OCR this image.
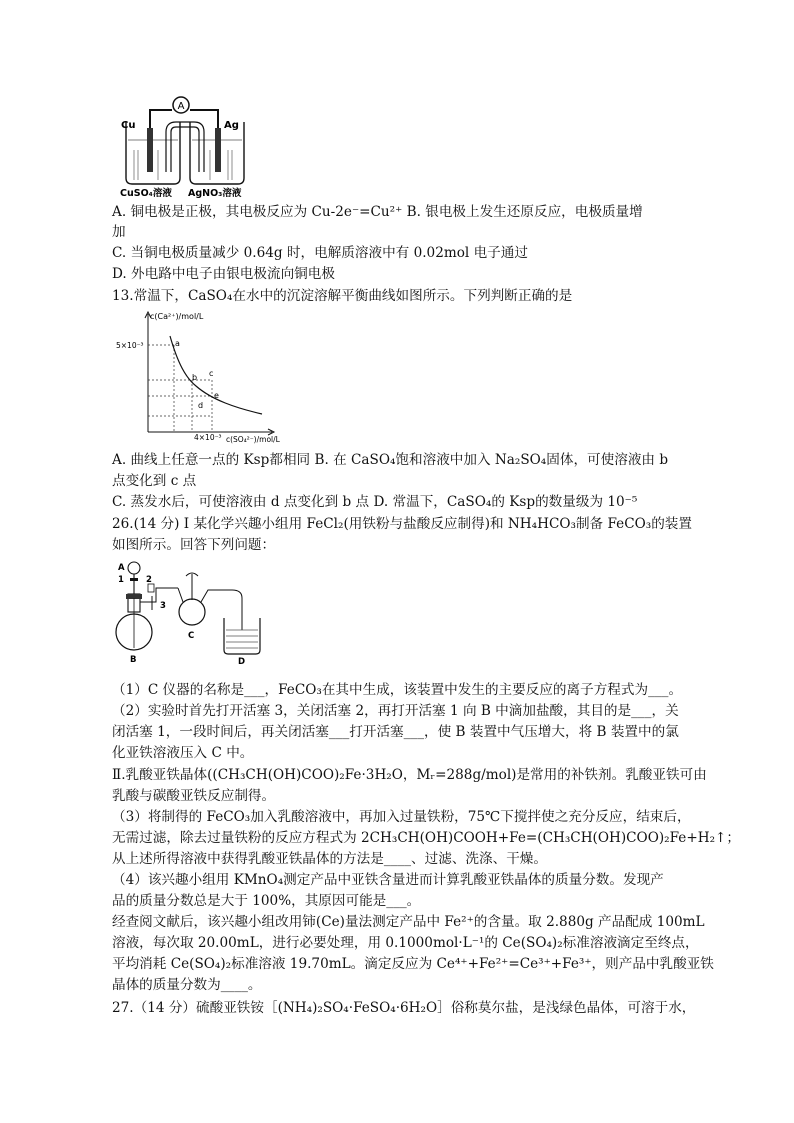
A
Cu	Ag
CuSO₄溶液 AgNO₃溶液
A. 铜电极是正极，其电极反应为 Cu-2e⁻=Cu²⁺ B. 银电极上发生还原反应，电极质量增
加
C. 当铜电极质量减少 0.64g 时，电解质溶液中有 0.02mol 电子通过
D. 外电路中电子由银电极流向铜电极
13.常温下，CaSO₄在水中的沉淀溶解平衡曲线如图所示。下列判断正确的是
c(Ca²⁺)/mol/L
c(SO₄²⁻)/mol/L
5×10⁻³
4×10⁻³
a
b c
d
e
A. 曲线上任意一点的 Ksp都相同 B. 在 CaSO₄饱和溶液中加入 Na₂SO₄固体，可使溶液由 b
点变化到 c 点
C. 蒸发水后，可使溶液由 d 点变化到 b 点 D. 常温下，CaSO₄的 Ksp的数量级为 10⁻⁵
26.(14 分) I 某化学兴趣小组用 FeCl₂(用铁粉与盐酸反应制得)和 NH₄HCO₃制备 FeCO₃的装置
如图所示。回答下列问题：
A
1	2
3
B
C
D
（1）C 仪器的名称是___，FeCO₃在其中生成，该装置中发生的主要反应的离子方程式为___。
（2）实验时首先打开活塞 3，关闭活塞 2，再打开活塞 1 向 B 中滴加盐酸，其目的是___，关
闭活塞 1，一段时间后，再关闭活塞___打开活塞___，使 B 装置中气压增大，将 B 装置中的氯
化亚铁溶液压入 C 中。
Ⅱ.乳酸亚铁晶体((CH₃CH(OH)COO)₂Fe·3H₂O，Mᵣ=288g/mol)是常用的补铁剂。乳酸亚铁可由
乳酸与碳酸亚铁反应制得。
（3）将制得的 FeCO₃加入乳酸溶液中，再加入过量铁粉，75℃下搅拌使之充分反应，结束后，
无需过滤，除去过量铁粉的反应方程式为 2CH₃CH(OH)COOH+Fe=(CH₃CH(OH)COO)₂Fe+H₂↑；
从上述所得溶液中获得乳酸亚铁晶体的方法是____、过滤、洗涤、干燥。
（4）该兴趣小组用 KMnO₄测定产品中亚铁含量进而计算乳酸亚铁晶体的质量分数。发现产
品的质量分数总是大于 100%，其原因可能是___。
经查阅文献后，该兴趣小组改用铈(Ce)量法测定产品中 Fe²⁺的含量。取 2.880g 产品配成 100mL
溶液，每次取 20.00mL，进行必要处理，用 0.1000mol·L⁻¹的 Ce(SO₄)₂标准溶液滴定至终点，
平均消耗 Ce(SO₄)₂标准溶液 19.70mL。滴定反应为 Ce⁴⁺+Fe²⁺=Ce³⁺+Fe³⁺，则产品中乳酸亚铁
晶体的质量分数为____。
27.（14 分）硫酸亚铁铵［(NH₄)₂SO₄·FeSO₄·6H₂O］俗称莫尔盐，是浅绿色晶体，可溶于水，
